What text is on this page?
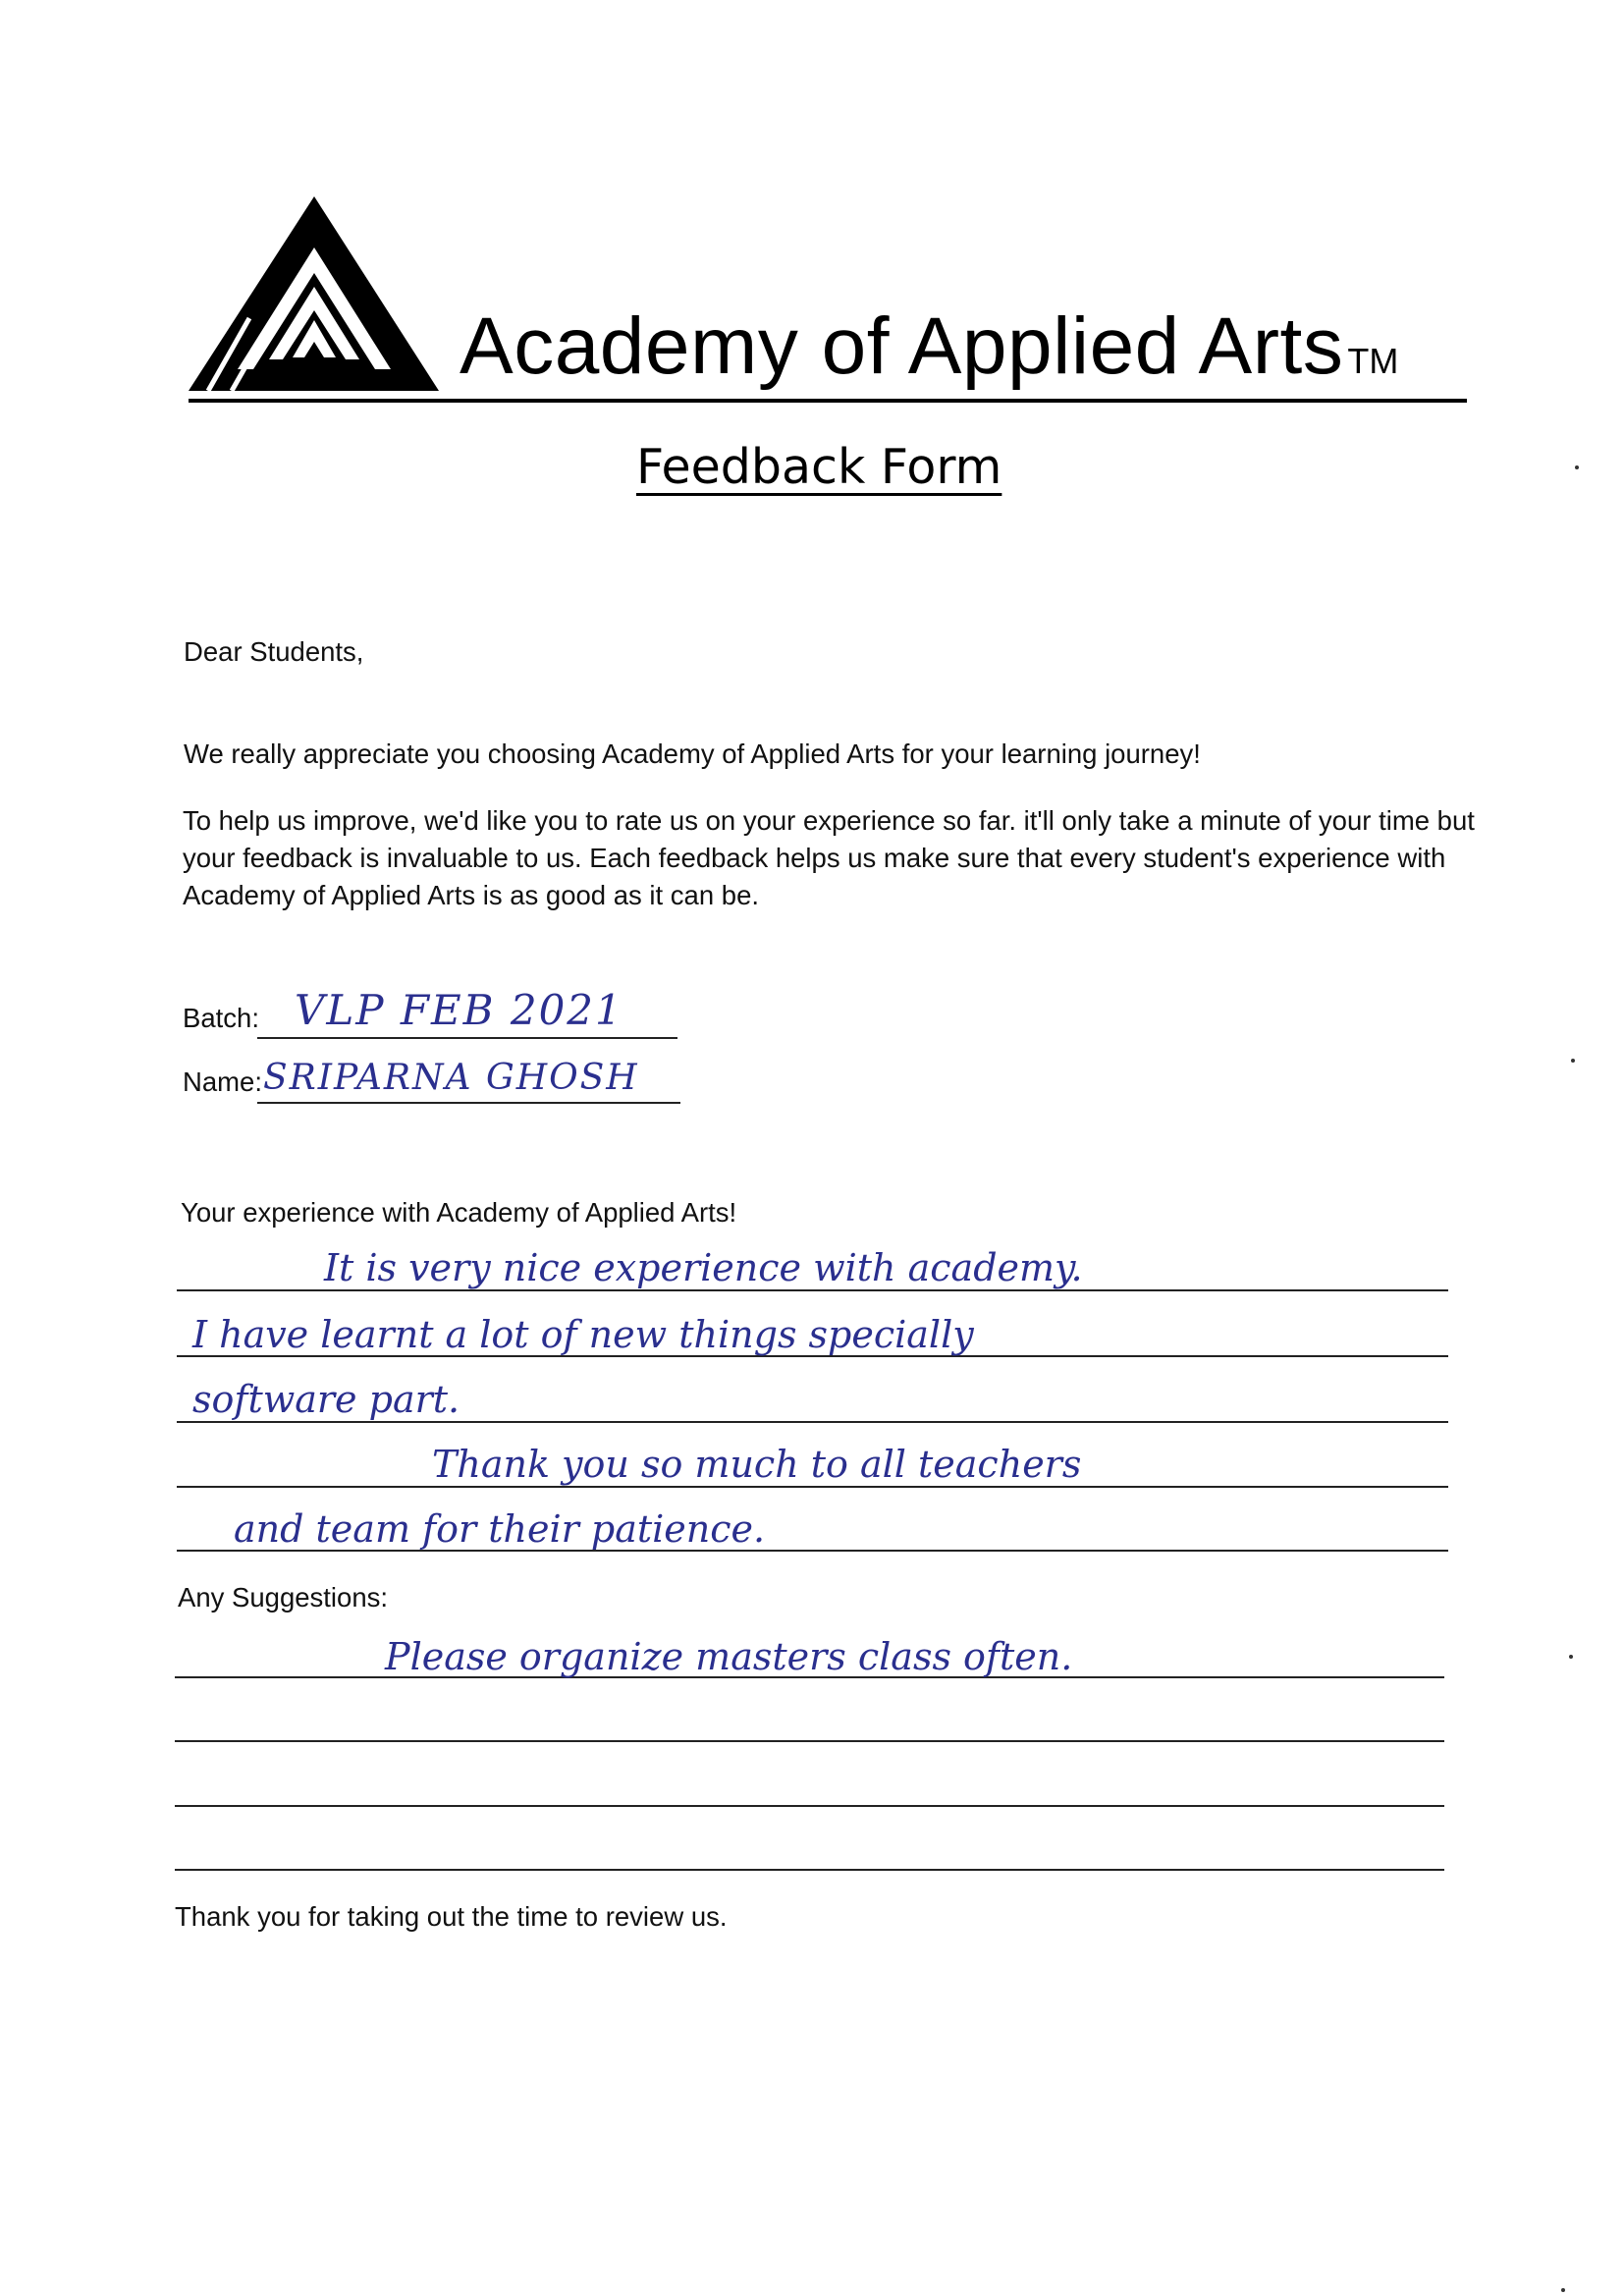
Academy of Applied Arts TM
Feedback Form
Dear Students,
We really appreciate you choosing Academy of Applied Arts for your learning journey!
To help us improve, we'd like you to rate us on your experience so far. it'll only take a minute of your time but your feedback is invaluable to us. Each feedback helps us make sure that every student's experience with Academy of Applied Arts is as good as it can be.
Batch: VLP FEB 2021
Name: SRIPARNA GHOSH
Your experience with Academy of Applied Arts!
It is very nice experience with academy.
I have learnt a lot of new things specially
software part.
Thank you so much to all teachers
and team for their patience.
Any Suggestions:
Please organize masters class often.
Thank you for taking out the time to review us.
